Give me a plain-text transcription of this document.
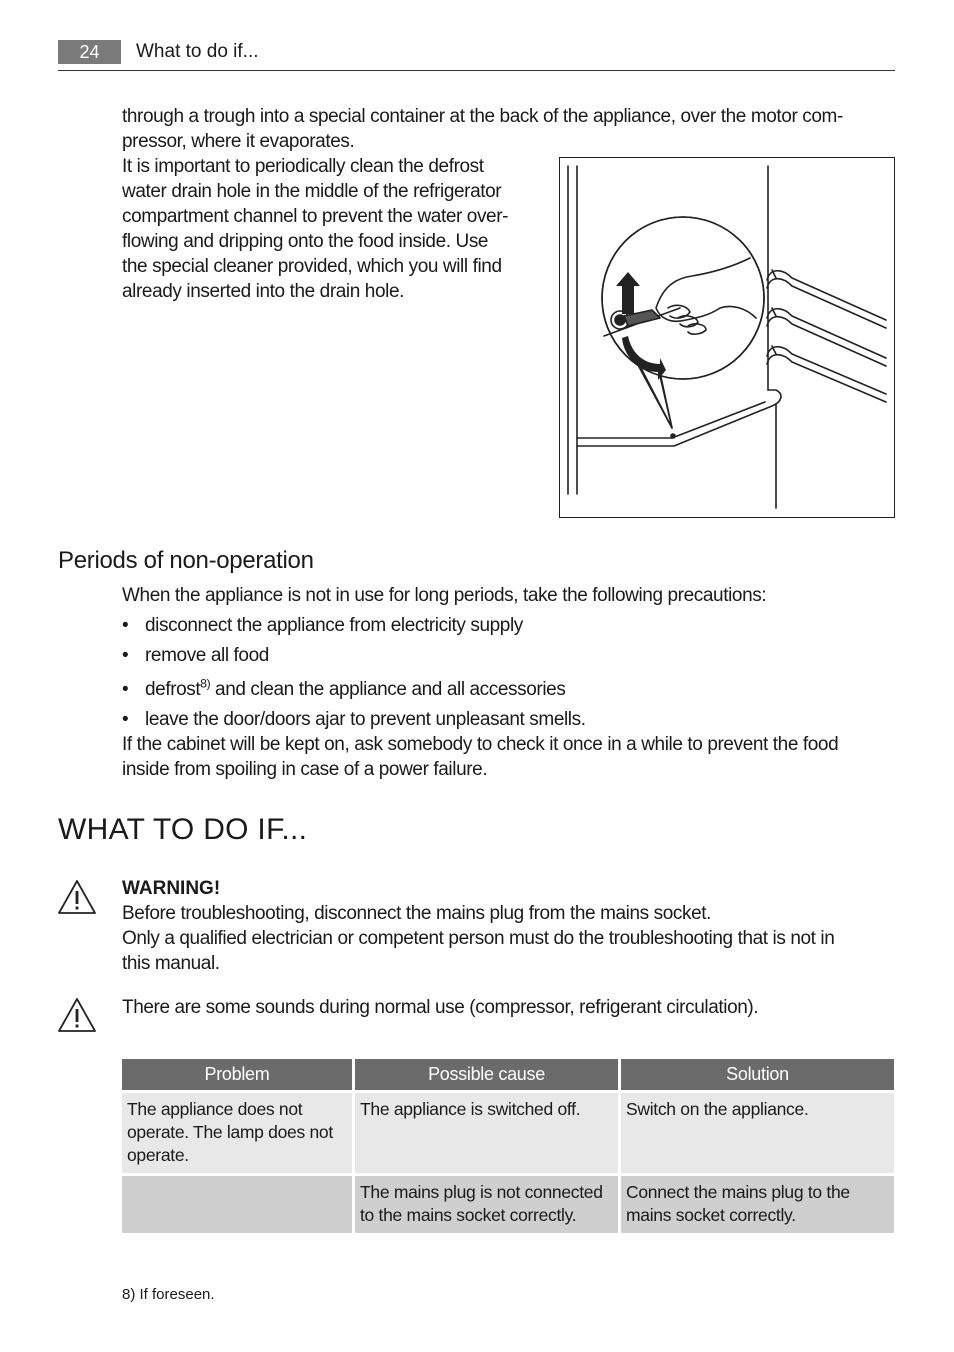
24	What to do if...
through a trough into a special container at the back of the appliance, over the motor com-
pressor, where it evaporates.
It is important to periodically clean the defrost
water drain hole in the middle of the refrigerator
compartment channel to prevent the water over-
flowing and dripping onto the food inside. Use
the special cleaner provided, which you will find
already inserted into the drain hole.
Periods of non-operation
When the appliance is not in use for long periods, take the following precautions:
• disconnect the appliance from electricity supply
• remove all food
• defrost$^{8)}$ and clean the appliance and all accessories
• leave the door/doors ajar to prevent unpleasant smells.
If the cabinet will be kept on, ask somebody to check it once in a while to prevent the food
inside from spoiling in case of a power failure.
WHAT TO DO IF...
WARNING!
Before troubleshooting, disconnect the mains plug from the mains socket.
Only a qualified electrician or competent person must do the troubleshooting that is not in
this manual.
There are some sounds during normal use (compressor, refrigerant circulation).
Problem	Possible cause	Solution
The appliance does not operate. The lamp does not operate.	The appliance is switched off.	Switch on the appliance.
	The mains plug is not connected to the mains socket correctly.	Connect the mains plug to the mains socket correctly.
8) If foreseen.
